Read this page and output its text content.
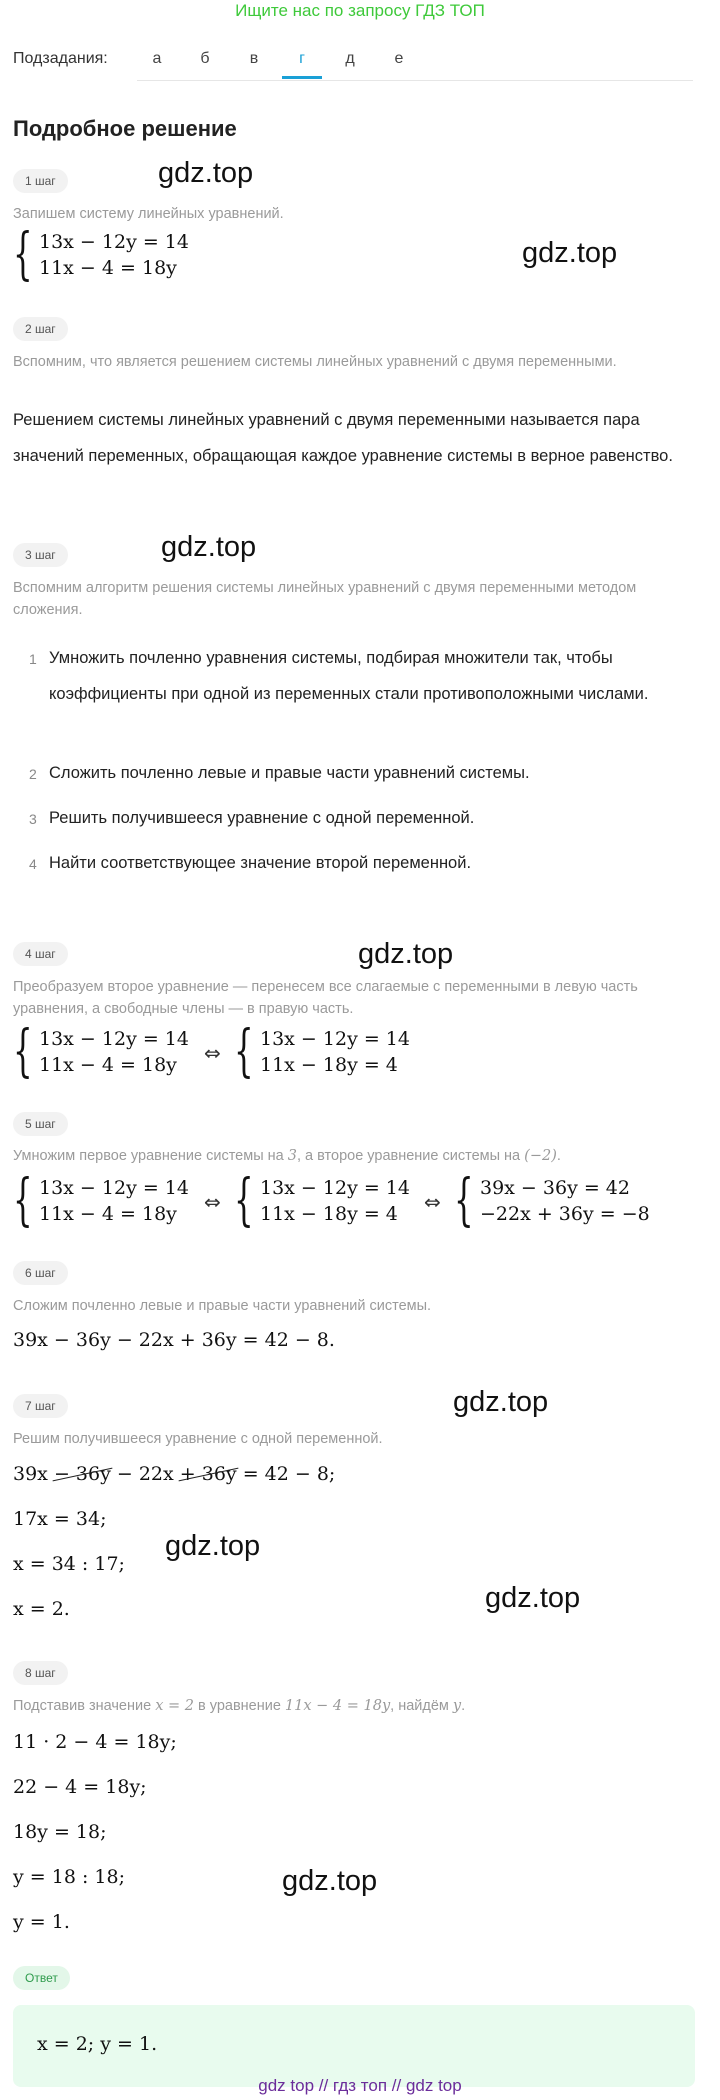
Ищите нас по запросу ГДЗ ТОП
Подзадания:	а	б	в	г	д	е
Подробное решение
1 шаг	gdz.top
Запишем систему линейных уравнений.
{ 13x − 12y = 14
11x − 4 = 18y	gdz.top
2 шаг
Вспомним, что является решением системы линейных уравнений с двумя переменными.
Решением системы линейных уравнений с двумя переменными называется пара значений переменных, обращающая каждое уравнение системы в верное равенство.
3 шаг	gdz.top
Вспомним алгоритм решения системы линейных уравнений с двумя переменными методом сложения.
1 Умножить почленно уравнения системы, подбирая множители так, чтобы коэффициенты при одной из переменных стали противоположными числами.
2 Сложить почленно левые и правые части уравнений системы.
3 Решить получившееся уравнение с одной переменной.
4 Найти соответствующее значение второй переменной.
4 шаг	gdz.top
Преобразуем второе уравнение — перенесем все слагаемые с переменными в левую часть уравнения, а свободные члены — в правую часть.
{ 13x − 12y = 14
11x − 4 = 18y ⇔ { 13x − 12y = 14
11x − 18y = 4
5 шаг
Умножим первое уравнение системы на 3, а второе уравнение системы на (−2).
{ 13x − 12y = 14
11x − 4 = 18y ⇔ { 13x − 12y = 14
11x − 18y = 4 ⇔ { 39x − 36y = 42
−22x + 36y = −8
6 шаг
Сложим почленно левые и правые части уравнений системы.
39x − 36y − 22x + 36y = 42 − 8.
7 шаг	gdz.top
Решим получившееся уравнение с одной переменной.
39x − 36y − 22x + 36y = 42 − 8;
17x = 34;
gdz.top
x = 34 : 17;
x = 2.	gdz.top
8 шаг
Подставив значение x = 2 в уравнение 11x − 4 = 18y, найдём y.
11 · 2 − 4 = 18y;
22 − 4 = 18y;
18y = 18;
y = 18 : 18;	gdz.top
y = 1.
Ответ
x = 2; y = 1.
gdz top // гдз топ // gdz top
